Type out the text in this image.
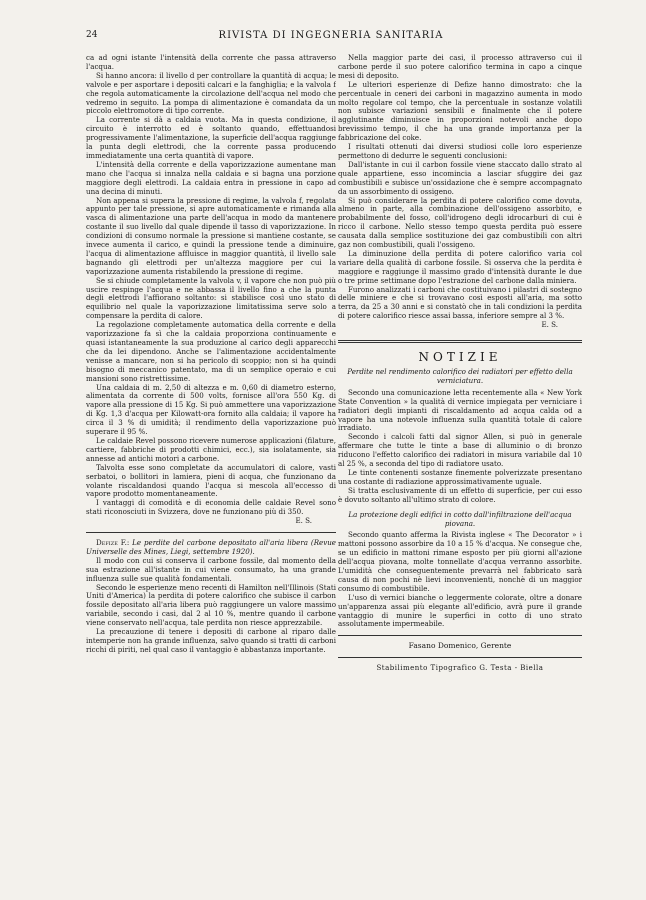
24	RIVISTA DI INGEGNERIA SANITARIA

ca ad ogni istante l'intensità della corrente che passa attraverso l'acqua.

Si hanno ancora: il livello d per controllare la quantità di acqua; le valvole e per asportare i depositi calcari e la fanghiglia; e la valvola f che regola automaticamente la circolazione dell'acqua nel modo che vedremo in seguito. La pompa di alimentazione è comandata da un piccolo elettromotore di tipo corrente.

La corrente si dà a caldaia vuota. Ma in questa condizione, il circuito è interrotto ed è soltanto quando, effettuandosi progressivamente l'alimentazione, la superficie dell'acqua raggiunge la punta degli elettrodi, che la corrente passa producendo immediatamente una certa quantità di vapore.

L'intensità della corrente e della vaporizzazione aumentane man mano che l'acqua si innalza nella caldaia e si bagna una porzione maggiore degli elettrodi. La caldaia entra in pressione in capo ad una decina di minuti.

Non appena si supera la pressione di regime, la valvola f, regolata appunto per tale pressione, si apre automaticamente e rimanda alla vasca di alimentazione una parte dell'acqua in modo da mantenere costante il suo livello dal quale dipende il tasso di vaporizzazione. In condizioni di consumo normale la pressione si mantiene costante, se invece aumenta il carico, e quindi la pressione tende a diminuire, l'acqua di alimentazione affluisce in maggior quantità, il livello sale bagnando gli elettrodi per un'altezza maggiore per cui la vaporizzazione aumenta ristabilendo la pressione di regime.

Se si chiude completamente la valvola v, il vapore che non può più uscire respinge l'acqua e ne abbassa il livello fino a che la punta degli elettrodi l'affiorano soltanto: si stabilisce così uno stato di equilibrio nel quale la vaporizzazione limitatissima serve solo a compensare la perdita di calore.

La regolazione completamente automatica della corrente e della vaporizzazione fa sì che la caldaia proporziona continuamente e quasi istantaneamente la sua produzione al carico degli apparecchi che da lei dipendono. Anche se l'alimentazione accidentalmente venisse a mancare, non si ha pericolo di scoppio; non si ha quindi bisogno di meccanico patentato, ma di un semplice operaio e cui mansioni sono ristrettissime.

Una caldaia di m. 2,50 di altezza e m. 0,60 di diametro esterno, alimentata da corrente di 500 volts, fornisce all'ora 550 Kg. di vapore alla pressione di 15 Kg. Si può ammettere una vaporizzazione di Kg. 1,3 d'acqua per Kilowatt-ora fornito alla caldaia; il vapore ha circa il 3 % di umidità; il rendimento della vaporizzazione può superare il 95 %.

Le caldaie Revel possono ricevere numerose applicazioni (filature, cartiere, fabbriche di prodotti chimici, ecc.), sia isolatamente, sia annesse ad antichi motori a carbone.

Talvolta esse sono completate da accumulatori di calore, vasti serbatoi, o bollitori in lamiera, pieni di acqua, che funzionano da volante riscaldandosi quando l'acqua si mescola all'eccesso di vapore prodotto momentaneamente.

I vantaggi di comodità e di economia delle caldaie Revel sono stati riconosciuti in Svizzera, dove ne funzionano più di 350.

E. S.

Defize F.: Le perdite del carbone depositato all'aria libera (Revue Universelle des Mines, Liegi, settembre 1920).

Il modo con cui si conserva il carbone fossile, dal momento della sua estrazione all'istante in cui viene consumato, ha una grande influenza sulle sue qualità fondamentali.

Secondo le esperienze meno recenti di Hamilton nell'Illinois (Stati Uniti d'America) la perdita di potere calorifico che subisce il carbon fossile depositato all'aria libera può raggiungere un valore massimo variabile, secondo i casi, dal 2 al 10 %, mentre quando il carbone viene conservato nell'acqua, tale perdita non riesce apprezzabile.

La precauzione di tenere i depositi di carbone al riparo dalle intemperie non ha grande influenza, salvo quando si tratti di carboni ricchi di piriti, nel qual caso il vantaggio è abbastanza importante.

Nella maggior parte dei casi, il processo attraverso cui il carbone perde il suo potere calorifico termina in capo a cinque mesi di deposito.

Le ulteriori esperienze di Defize hanno dimostrato: che la percentuale in ceneri dei carboni in magazzino aumenta in modo molto regolare col tempo, che la percentuale in sostanze volatili non subisce variazioni sensibili e finalmente che il potere agglutinante diminuisce in proporzioni notevoli anche dopo brevissimo tempo, il che ha una grande importanza per la fabbricazione del coke.

I risultati ottenuti dai diversi studiosi colle loro esperienze permettono di dedurre le seguenti conclusioni:

Dall'istante in cui il carbon fossile viene staccato dallo strato al quale appartiene, esso incomincia a lasciar sfuggire dei gaz combustibili e subisce un'ossidazione che è sempre accompagnato da un assorbimento di ossigeno.

Si può considerare la perdita di potere calorifico come dovuta, almeno in parte, alla combinazione dell'ossigeno assorbito, e probabilmente del fosso, coll'idrogeno degli idrocarburi di cui è ricco il carbone. Nello stesso tempo questa perdita può essere causata dalla semplice sostituzione dei gaz combustibili con altri gaz non combustibili, quali l'ossigeno.

La diminuzione della perdita di potere calorifico varia col variare della qualità di carbone fossile. Si osserva che la perdita è maggiore e raggiunge il massimo grado d'intensità durante le due o tre prime settimane dopo l'estrazione del carbone dalla miniera.

Furono analizzati i carboni che costituivano i pilastri di sostegno delle miniere e che si trovavano così esposti all'aria, ma sotto terra, da 25 a 30 anni e si constatò che in tali condizioni la perdita di potere calorifico riesce assai bassa, inferiore sempre al 3 %.

E. S.
NOTIZIE
Perdite nel rendimento calorifico dei radiatori per effetto della verniciatura.

Secondo una comunicazione letta recentemente alla « New York State Convention » la qualità di vernice impiegata per verniciare i radiatori degli impianti di riscaldamento ad acqua calda od a vapore ha una notevole influenza sulla quantità totale di calore irradiato.

Secondo i calcoli fatti dal signor Allen, si può in generale affermare che tutte le tinte a base di alluminio o di bronzo riducono l'effetto calorifico dei radiatori in misura variabile dal 10 al 25 %, a seconda del tipo di radiatore usato.

Le tinte contenenti sostanze finemente polverizzate presentano una costante di radiazione approssimativamente uguale.

Si tratta esclusivamente di un effetto di superficie, per cui esso è dovuto soltanto all'ultimo strato di colore.

La protezione degli edifici in cotto dall'infiltrazione dell'acqua piovana.

Secondo quanto afferma la Rivista inglese « The Decorator » i mattoni possono assorbire da 10 a 15 % d'acqua. Ne consegue che, se un edificio in mattoni rimane esposto per più giorni all'azione dell'acqua piovana, molte tonnellate d'acqua verranno assorbite. L'umidità che conseguentemente prevarrà nel fabbricato sarà causa di non pochi nè lievi inconvenienti, nonchè di un maggior consumo di combustibile.

L'uso di vernici bianche o leggermente colorate, oltre a donare un'apparenza assai più elegante all'edificio, avrà pure il grande vantaggio di munire le superfici in cotto di uno strato assolutamente impermeabile.

Fasano Domenico, Gerente
Stabilimento Tipografico G. Testa - Biella
